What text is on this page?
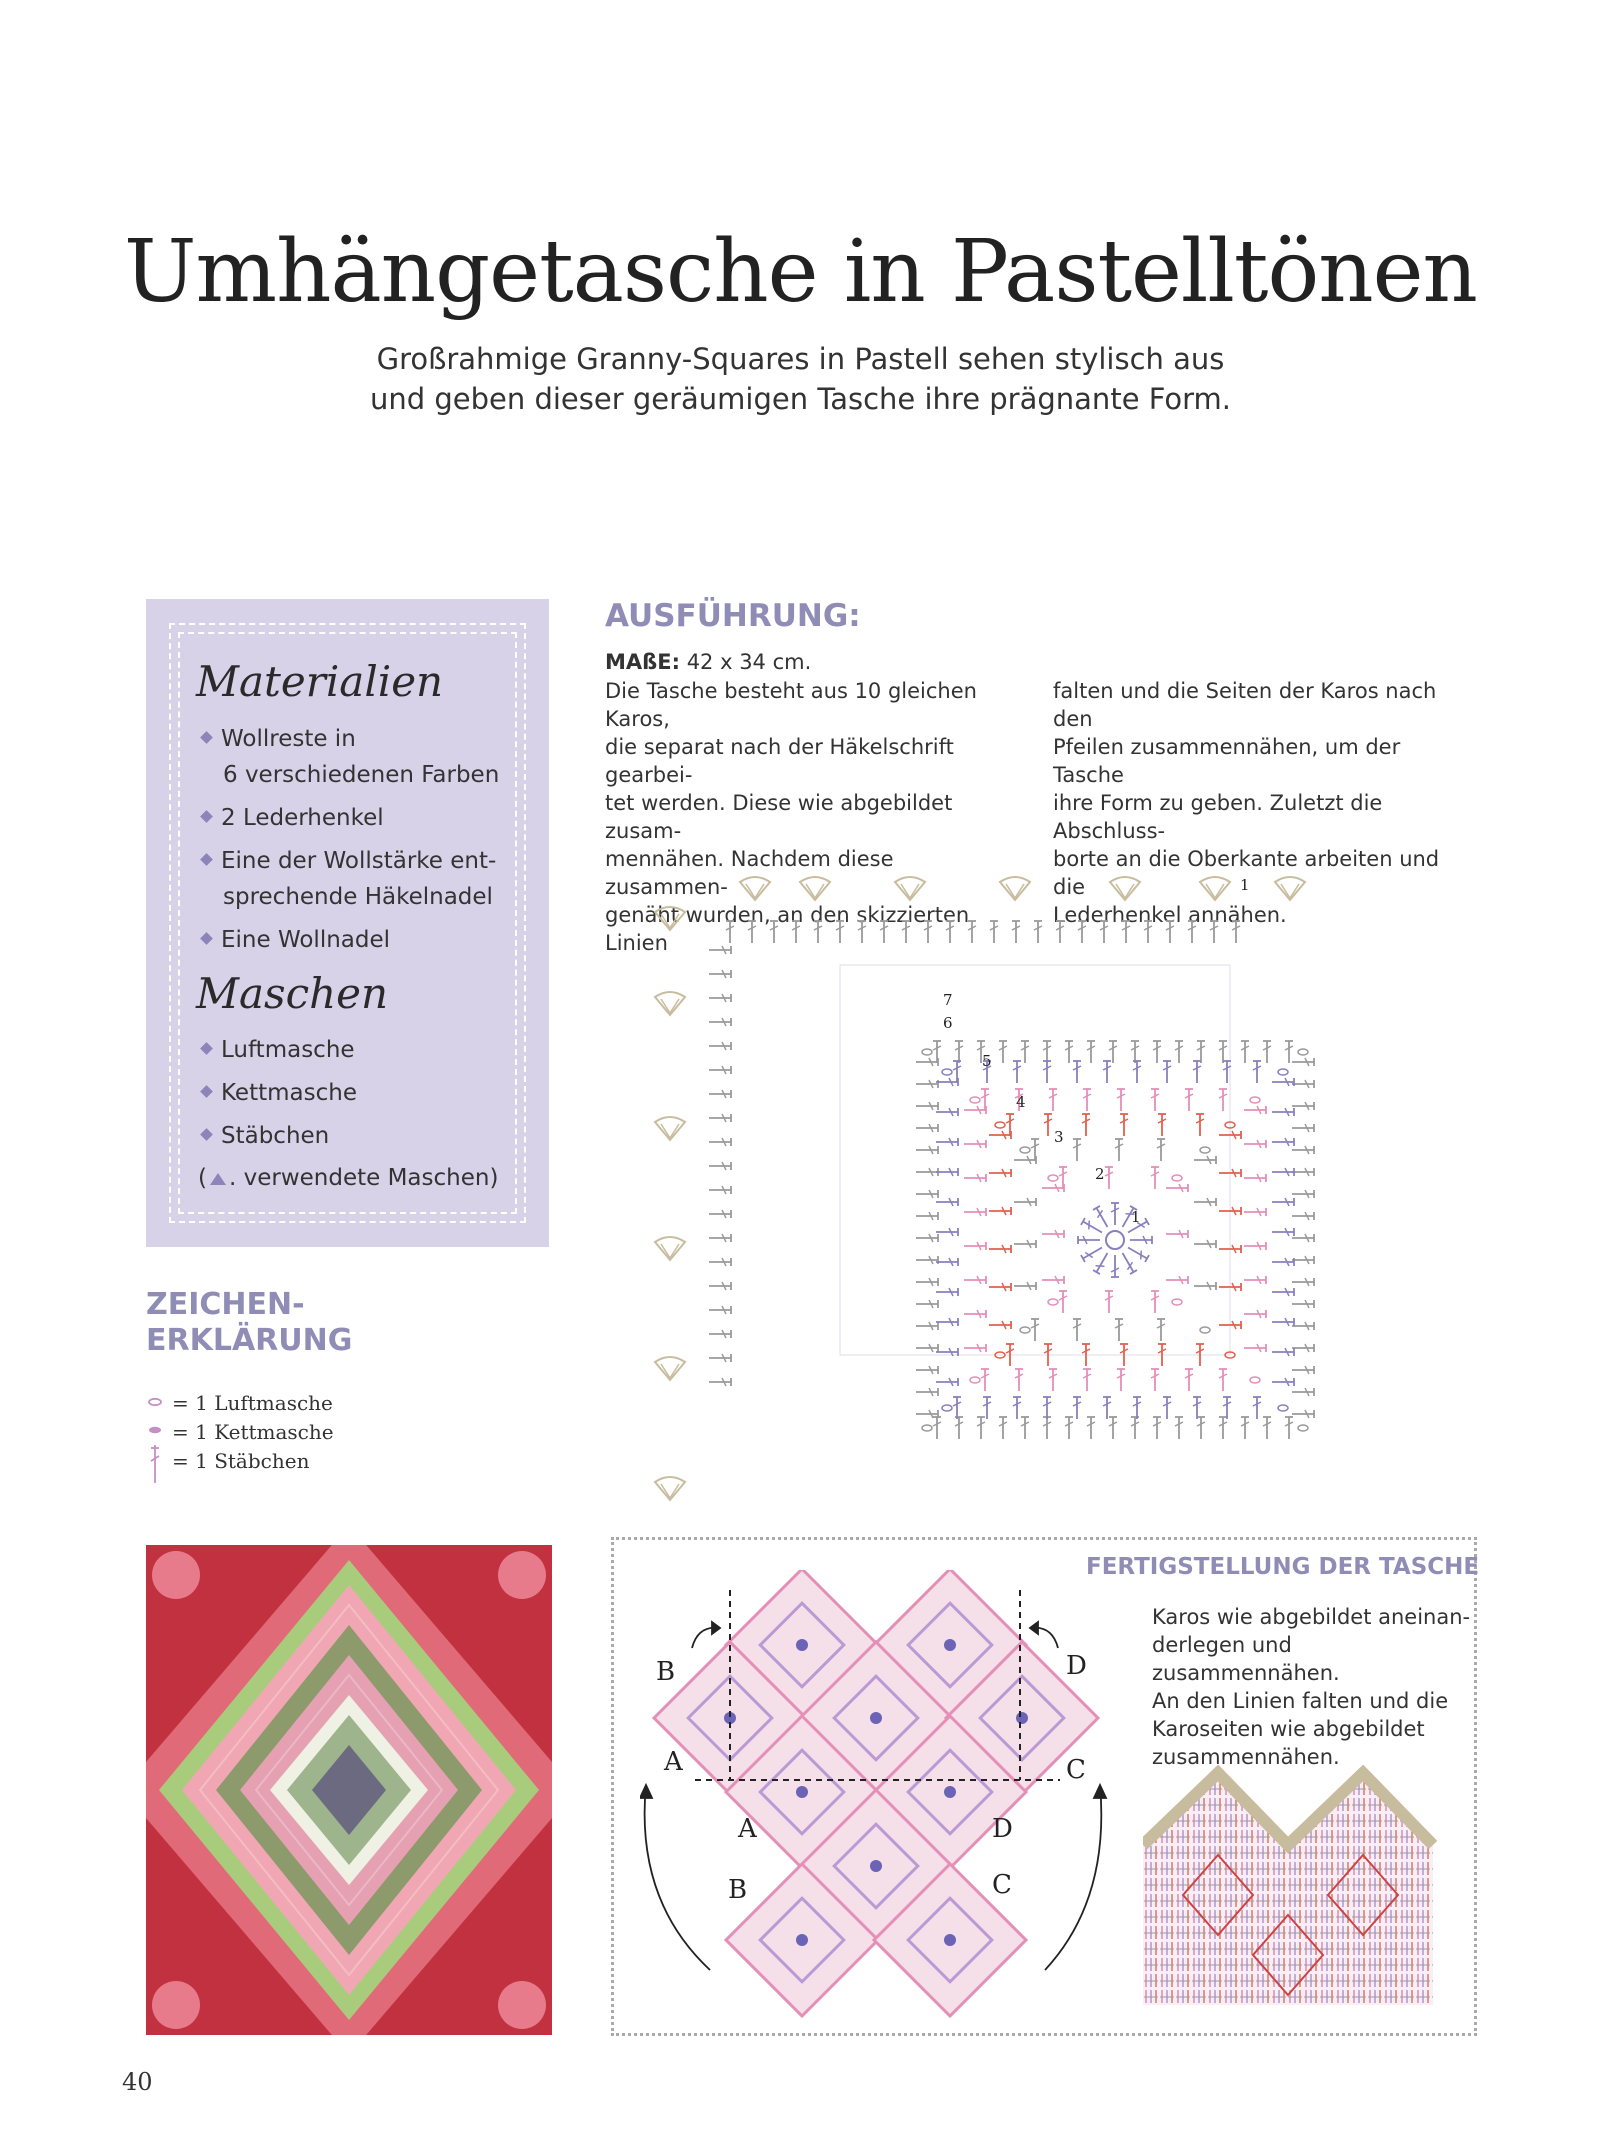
Umhängetasche in Pastelltönen
Großrahmige Granny-Squares in Pastell sehen stylisch aus
und geben dieser geräumigen Tasche ihre prägnante Form.
Materialien
Wollreste in
6 verschiedenen Farben
2 Lederhenkel
Eine der Wollstärke ent-
sprechende Häkelnadel
Eine Wollnadel
Maschen
Luftmasche
Kettmasche
Stäbchen
( . verwendete Maschen)
ZEICHEN-
ERKLÄRUNG
= 1 Luftmasche
= 1 Kettmasche
= 1 Stäbchen
AUSFÜHRUNG:
MAßE: 42 x 34 cm.
Die Tasche besteht aus 10 gleichen Karos,
die separat nach der Häkelschrift gearbei-
tet werden. Diese wie abgebildet zusam-
mennähen. Nachdem diese zusammen-
genäht wurden, an den skizzierten Linien
falten und die Seiten der Karos nach den
Pfeilen zusammennähen, um der Tasche
ihre Form zu geben. Zuletzt die Abschluss-
borte an die Oberkante arbeiten und die
Lederhenkel annähen.
1
2
3
4
5
6
7
1
FERTIGSTELLUNG DER TASCHE
Karos wie abgebildet aneinan-
derlegen und zusammennähen.
An den Linien falten und die
Karoseiten wie abgebildet
zusammennähen.
B
A
D
C
A	D
B	C
40
